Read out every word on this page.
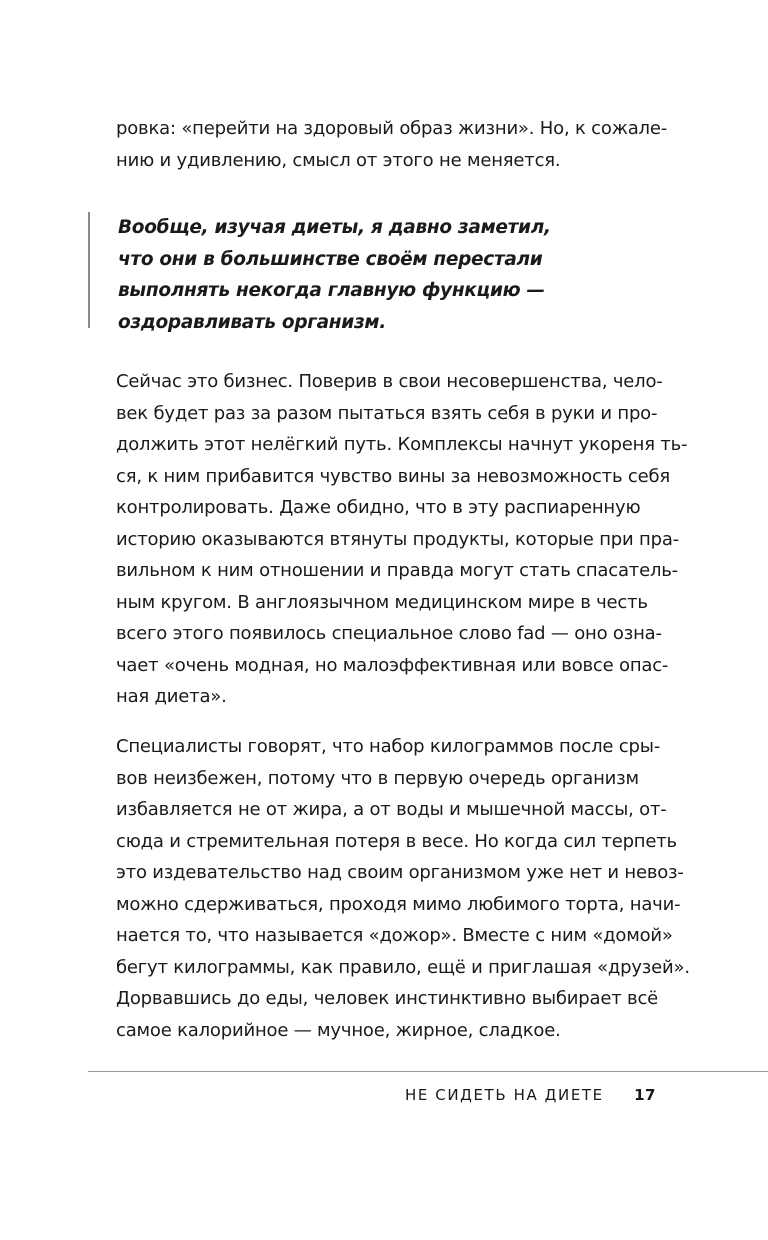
ровка: «перейти на здоровый образ жизни». Но, к сожале-
нию и удивлению, смысл от этого не меняется.
Вообще, изучая диеты, я давно заметил,
что они в большинстве своём перестали
выполнять некогда главную функцию —
оздоравливать организм.
Сейчас это бизнес. Поверив в свои несовершенства, чело-
век будет раз за разом пытаться взять себя в руки и про-
должить этот нелёгкий путь. Комплексы начнут укореня ть-
ся, к ним прибавится чувство вины за невозможность себя
контролировать. Даже обидно, что в эту распиаренную
историю оказываются втянуты продукты, которые при пра-
вильном к ним отношении и правда могут стать спасатель-
ным кругом. В англоязычном медицинском мире в честь
всего этого появилось специальное слово fad — оно озна-
чает «очень модная, но малоэффективная или вовсе опас-
ная диета».
Специалисты говорят, что набор килограммов после сры-
вов неизбежен, потому что в первую очередь организм
избавляется не от жира, а от воды и мышечной массы, от-
сюда и стремительная потеря в весе. Но когда сил терпеть
это издевательство над своим организмом уже нет и невоз-
можно сдерживаться, проходя мимо любимого торта, начи-
нается то, что называется «дожор». Вместе с ним «домой»
бегут килограммы, как правило, ещё и приглашая «друзей».
Дорвавшись до еды, человек инстинктивно выбирает всё
самое калорийное — мучное, жирное, сладкое.
НЕ СИДЕТЬ НА ДИЕТЕ 17
